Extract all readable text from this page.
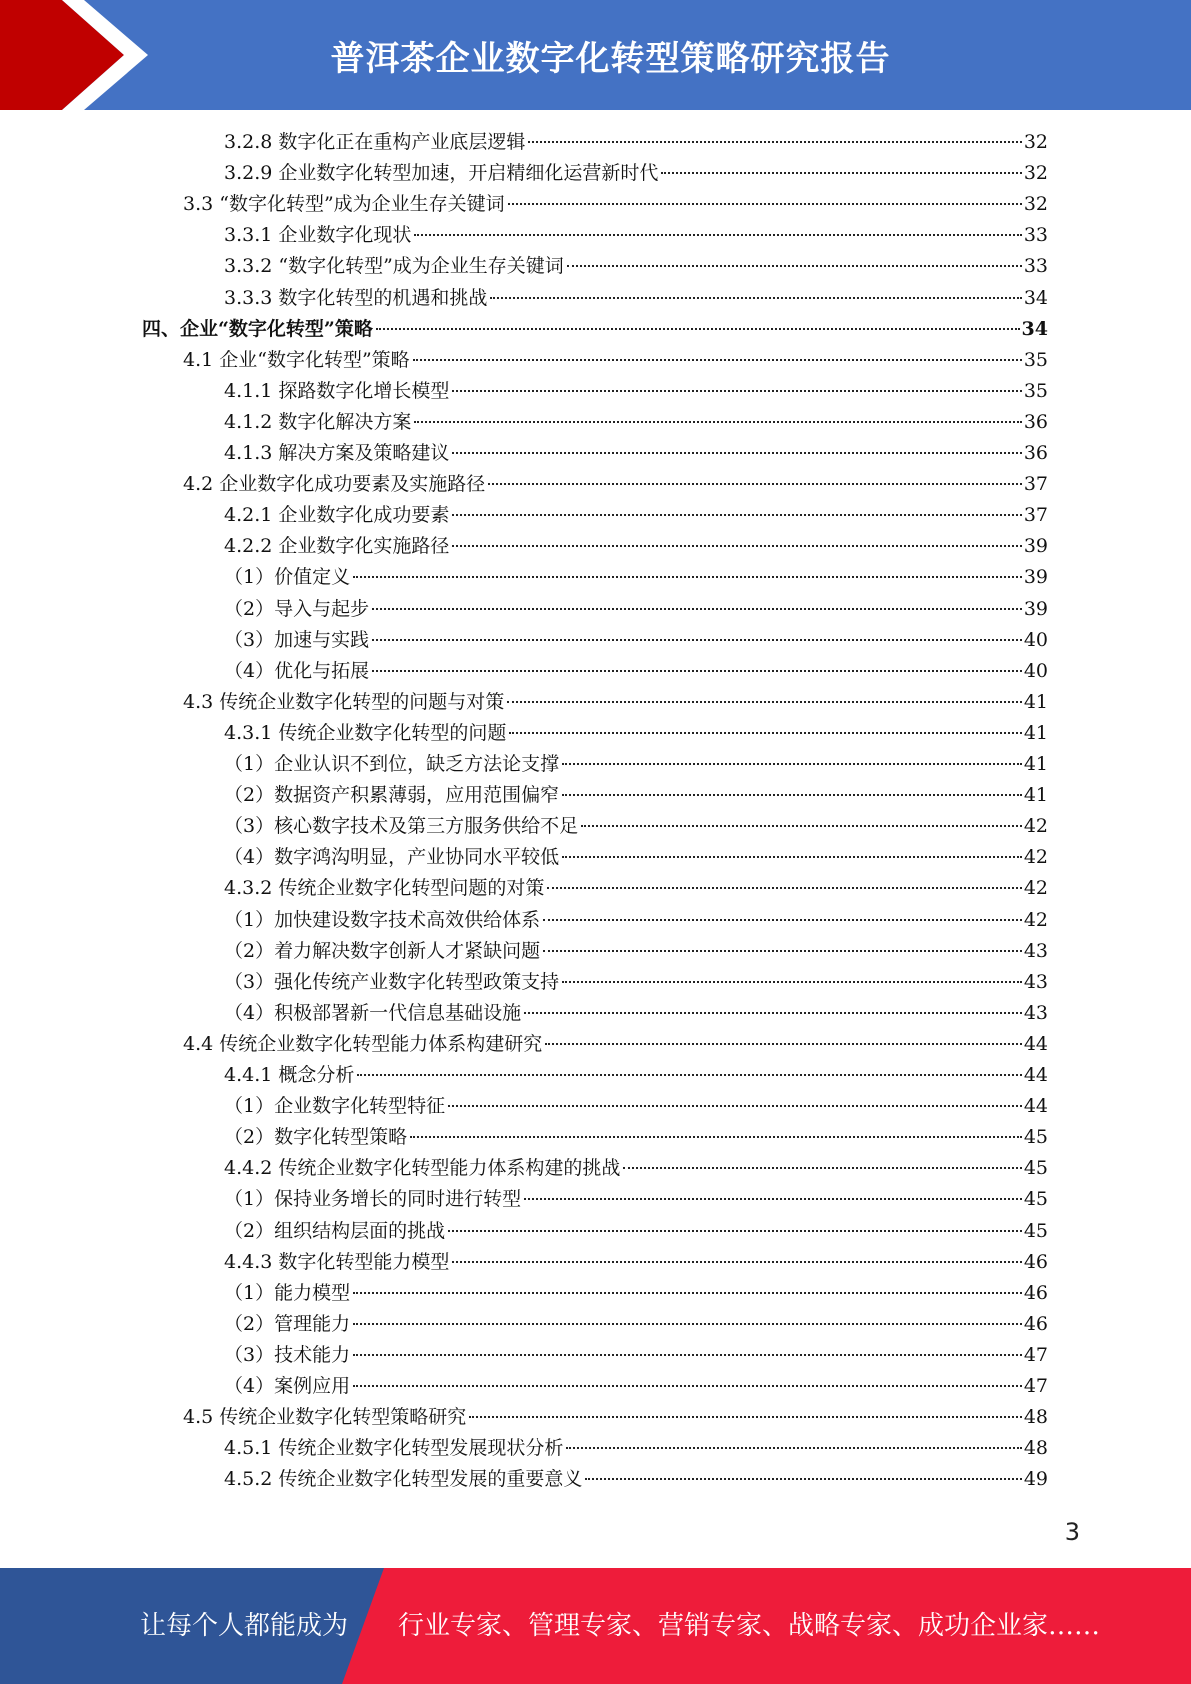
普洱茶企业数字化转型策略研究报告
3.2.8 数字化正在重构产业底层逻辑	32
3.2.9 企业数字化转型加速，开启精细化运营新时代	32
3.3 “数字化转型”成为企业生存关键词	32
3.3.1 企业数字化现状	33
3.3.2 “数字化转型”成为企业生存关键词	33
3.3.3 数字化转型的机遇和挑战	34
四、企业“数字化转型”策略	34
4.1 企业“数字化转型”策略	35
4.1.1 探路数字化增长模型	35
4.1.2 数字化解决方案	36
4.1.3 解决方案及策略建议	36
4.2 企业数字化成功要素及实施路径	37
4.2.1 企业数字化成功要素	37
4.2.2 企业数字化实施路径	39
（1）价值定义	39
（2）导入与起步	39
（3）加速与实践	40
（4）优化与拓展	40
4.3 传统企业数字化转型的问题与对策	41
4.3.1 传统企业数字化转型的问题	41
（1）企业认识不到位，缺乏方法论支撑	41
（2）数据资产积累薄弱，应用范围偏窄	41
（3）核心数字技术及第三方服务供给不足	42
（4）数字鸿沟明显，产业协同水平较低	42
4.3.2 传统企业数字化转型问题的对策	42
（1）加快建设数字技术高效供给体系	42
（2）着力解决数字创新人才紧缺问题	43
（3）强化传统产业数字化转型政策支持	43
（4）积极部署新一代信息基础设施	43
4.4 传统企业数字化转型能力体系构建研究	44
4.4.1 概念分析	44
（1）企业数字化转型特征	44
（2）数字化转型策略	45
4.4.2 传统企业数字化转型能力体系构建的挑战	45
（1）保持业务增长的同时进行转型	45
（2）组织结构层面的挑战	45
4.4.3 数字化转型能力模型	46
（1）能力模型	46
（2）管理能力	46
（3）技术能力	47
（4）案例应用	47
4.5 传统企业数字化转型策略研究	48
4.5.1 传统企业数字化转型发展现状分析	48
4.5.2 传统企业数字化转型发展的重要意义	49
3
让每个人都能成为 行业专家、管理专家、营销专家、战略专家、成功企业家……
